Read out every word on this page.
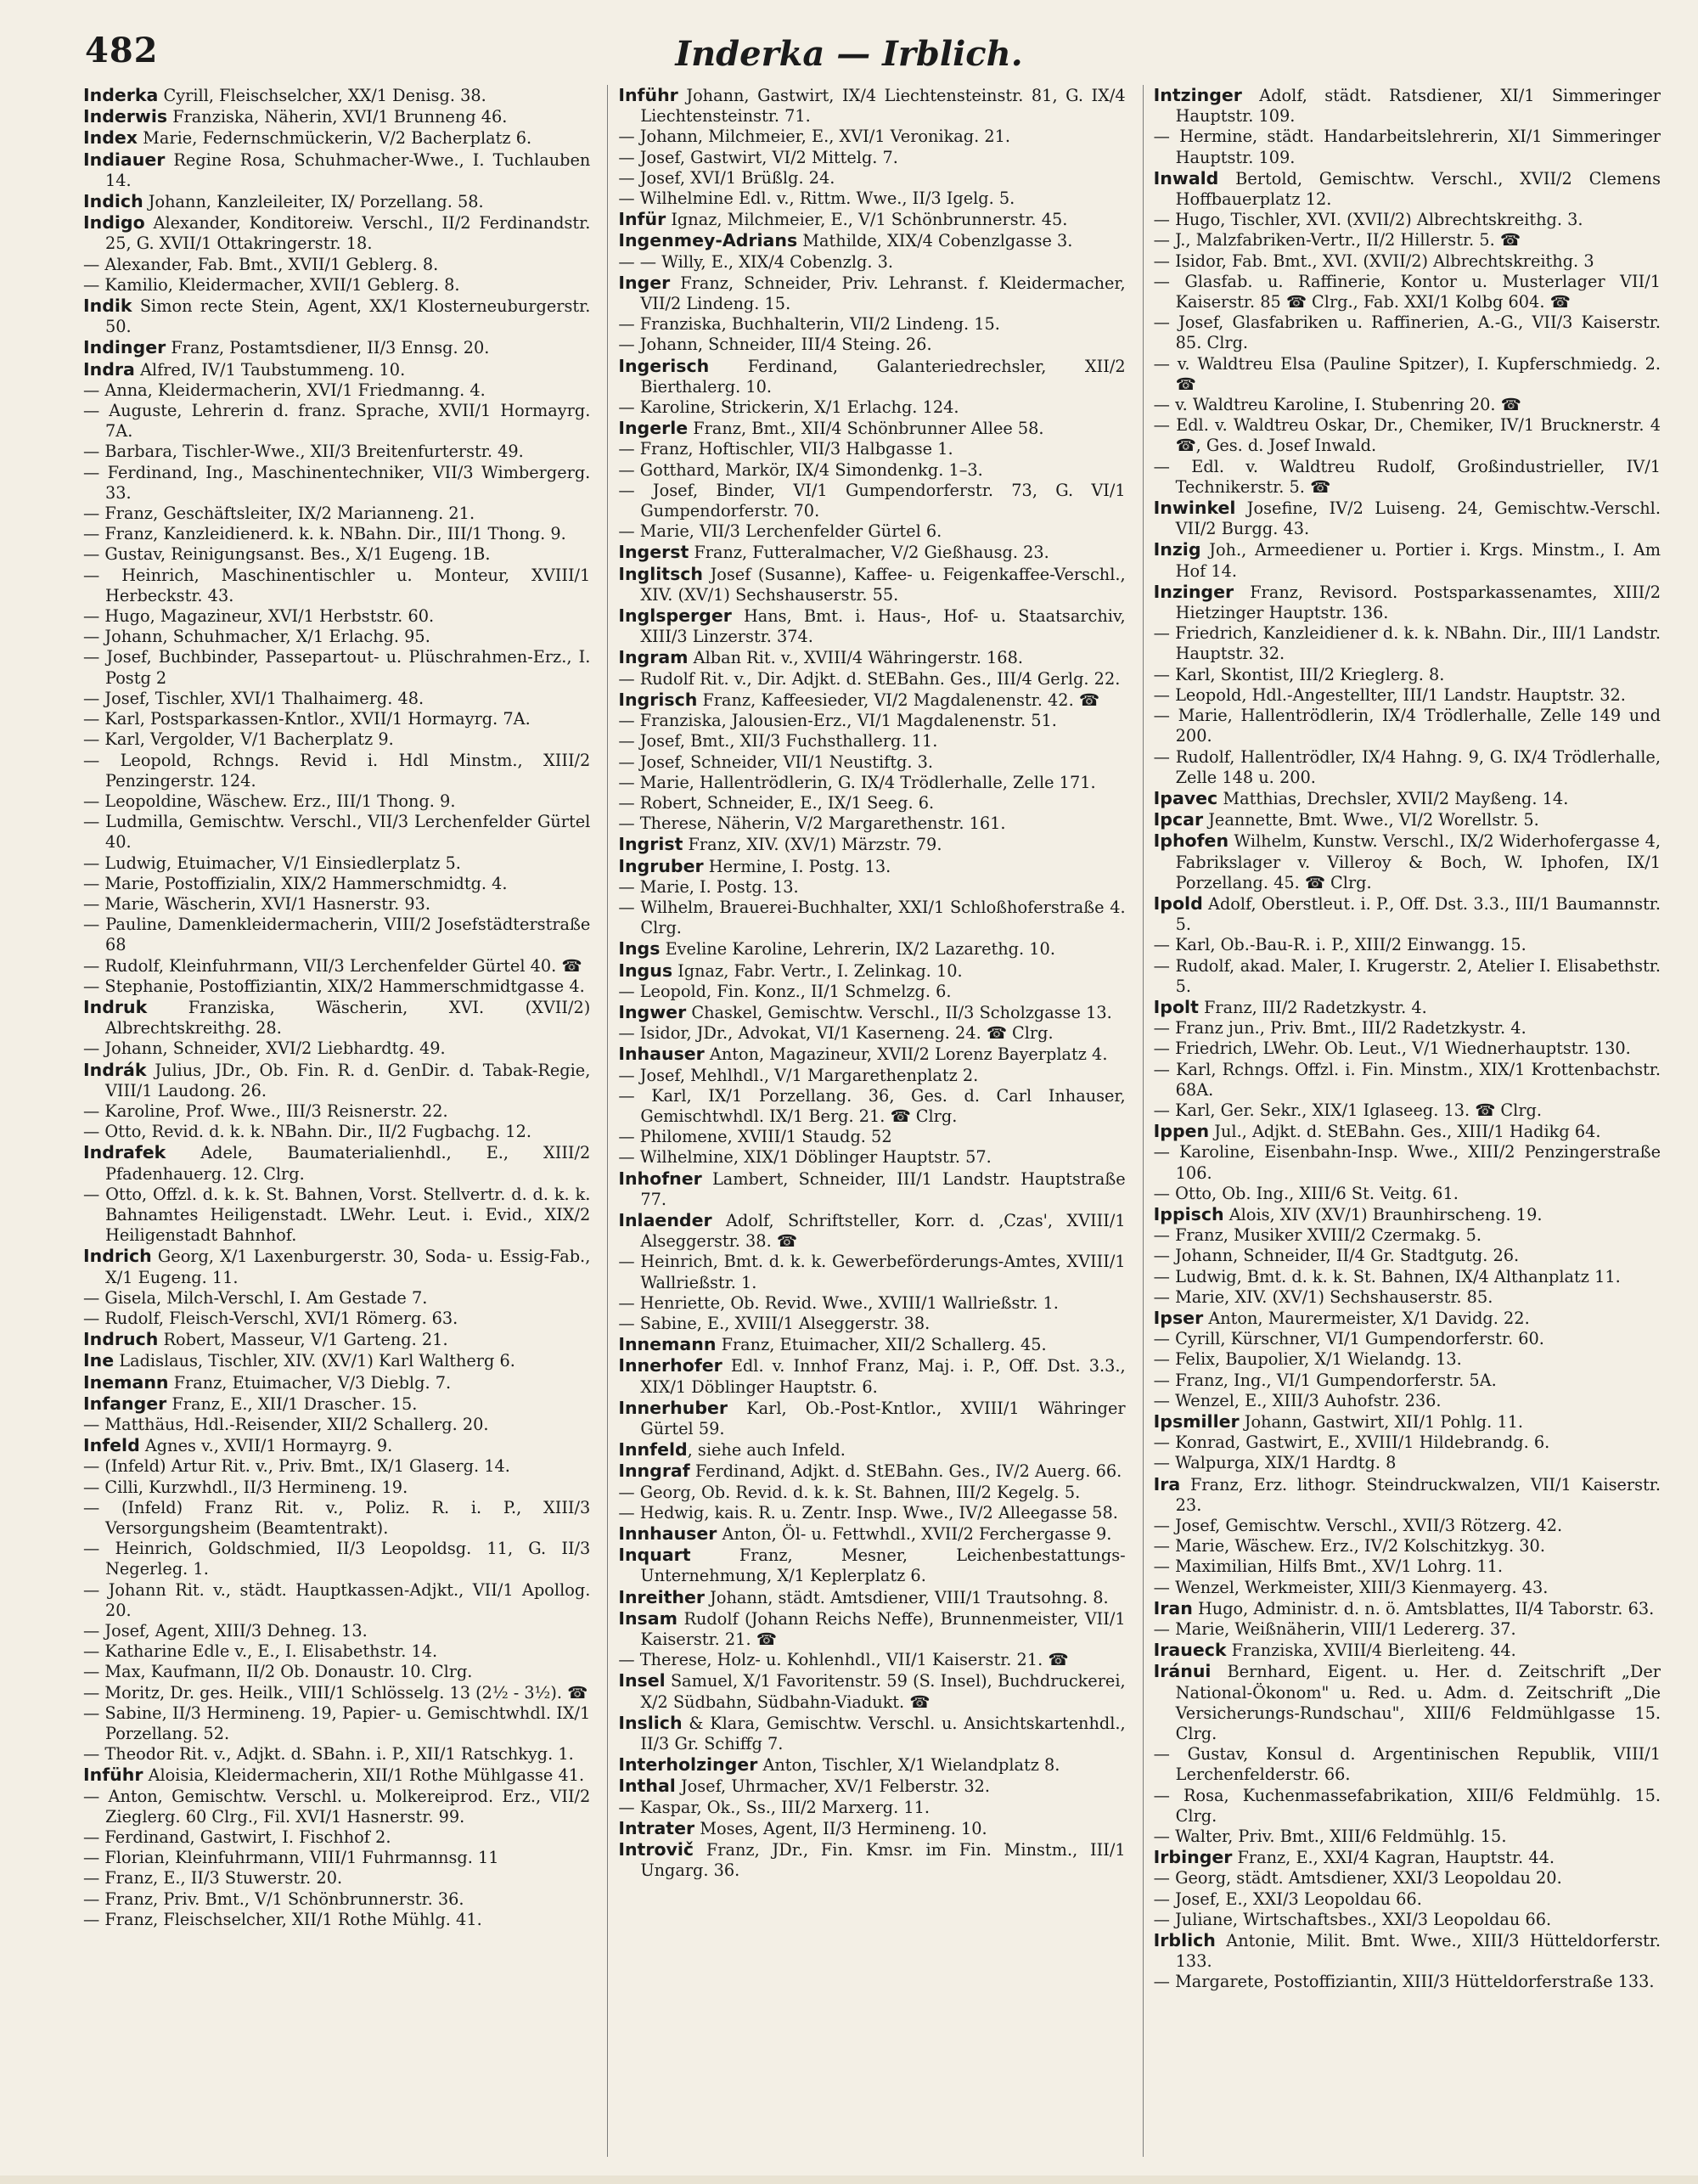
482	Inderka — Irblich.

Inderka Cyrill, Fleischselcher, XX/1 Denisg. 38.

Inderwis Franziska, Näherin, XVI/1 Brunneng 46.

Index Marie, Federnschmückerin, V/2 Bacherplatz 6.

Indiauer Regine Rosa, Schuhmacher-Wwe., I. Tuchlauben 14.

Indich Johann, Kanzleileiter, IX/ Porzellang. 58.

Indigo Alexander, Konditoreiw. Verschl., II/2 Ferdinandstr. 25, G. XVII/1 Ottakringerstr. 18.

— Alexander, Fab. Bmt., XVII/1 Geblerg. 8.

— Kamilio, Kleidermacher, XVII/1 Geblerg. 8.

Indik Simon recte Stein, Agent, XX/1 Klosterneuburgerstr. 50.

Indinger Franz, Postamtsdiener, II/3 Ennsg. 20.

Indra Alfred, IV/1 Taubstummeng. 10.

— Anna, Kleidermacherin, XVI/1 Friedmanng. 4.

— Auguste, Lehrerin d. franz. Sprache, XVII/1 Hormayrg. 7A.

— Barbara, Tischler-Wwe., XII/3 Breitenfurterstr. 49.

— Ferdinand, Ing., Maschinentechniker, VII/3 Wimbergerg. 33.

— Franz, Geschäftsleiter, IX/2 Marianneng. 21.

— Franz, Kanzleidienerd. k. k. NBahn. Dir., III/1 Thong. 9.

— Gustav, Reinigungsanst. Bes., X/1 Eugeng. 1B.

— Heinrich, Maschinentischler u. Monteur, XVIII/1 Herbeckstr. 43.

— Hugo, Magazineur, XVI/1 Herbststr. 60.

— Johann, Schuhmacher, X/1 Erlachg. 95.

— Josef, Buchbinder, Passepartout- u. Plüschrahmen-Erz., I. Postg 2

— Josef, Tischler, XVI/1 Thalhaimerg. 48.

— Karl, Postsparkassen-Kntlor., XVII/1 Hormayrg. 7A.

— Karl, Vergolder, V/1 Bacherplatz 9.

— Leopold, Rchngs. Revid i. Hdl Minstm., XIII/2 Penzingerstr. 124.

— Leopoldine, Wäschew. Erz., III/1 Thong. 9.

— Ludmilla, Gemischtw. Verschl., VII/3 Lerchenfelder Gürtel 40.

— Ludwig, Etuimacher, V/1 Einsiedlerplatz 5.

— Marie, Postoffizialin, XIX/2 Hammerschmidtg. 4.

— Marie, Wäscherin, XVI/1 Hasnerstr. 93.

— Pauline, Damenkleidermacherin, VIII/2 Josefstädterstraße 68

— Rudolf, Kleinfuhrmann, VII/3 Lerchenfelder Gürtel 40. ☎

— Stephanie, Postoffiziantin, XIX/2 Hammerschmidtgasse 4.

Indruk Franziska, Wäscherin, XVI. (XVII/2) Albrechtskreithg. 28.

— Johann, Schneider, XVI/2 Liebhardtg. 49.

Indrák Julius, JDr., Ob. Fin. R. d. GenDir. d. Tabak-Regie, VIII/1 Laudong. 26.

— Karoline, Prof. Wwe., III/3 Reisnerstr. 22.

— Otto, Revid. d. k. k. NBahn. Dir., II/2 Fugbachg. 12.

Indrafek Adele, Baumaterialienhdl., E., XIII/2 Pfadenhauerg. 12. Clrg.

— Otto, Offzl. d. k. k. St. Bahnen, Vorst. Stellvertr. d. d. k. k. Bahnamtes Heiligenstadt. LWehr. Leut. i. Evid., XIX/2 Heiligenstadt Bahnhof.

Indrich Georg, X/1 Laxenburgerstr. 30, Soda- u. Essig-Fab., X/1 Eugeng. 11.

— Gisela, Milch-Verschl, I. Am Gestade 7.

— Rudolf, Fleisch-Verschl, XVI/1 Römerg. 63.

Indruch Robert, Masseur, V/1 Garteng. 21.

Ine Ladislaus, Tischler, XIV. (XV/1) Karl Waltherg 6.

Inemann Franz, Etuimacher, V/3 Dieblg. 7.

Infanger Franz, E., XII/1 Draschег. 15.

— Matthäus, Hdl.-Reisender, XII/2 Schallerg. 20.

Infeld Agnes v., XVII/1 Hormayrg. 9.

— (Infeld) Artur Rit. v., Priv. Bmt., IX/1 Glaserg. 14.

— Cilli, Kurzwhdl., II/3 Hermineng. 19.

— (Infeld) Franz Rit. v., Poliz. R. i. P., XIII/3 Versorgungsheim (Beamtentrakt).

— Heinrich, Goldschmied, II/3 Leopoldsg. 11, G. II/3 Negerleg. 1.

— Johann Rit. v., städt. Hauptkassen-Adjkt., VII/1 Apollog. 20.

— Josef, Agent, XIII/3 Dehneg. 13.

— Katharine Edle v., E., I. Elisabethstr. 14.

— Max, Kaufmann, II/2 Ob. Donaustr. 10. Clrg.

— Moritz, Dr. ges. Heilk., VIII/1 Schlösselg. 13 (2½ - 3½). ☎

— Sabine, II/3 Hermineng. 19, Papier- u. Gemischtwhdl. IX/1 Porzellang. 52.

— Theodor Rit. v., Adjkt. d. SBahn. i. P., XII/1 Ratschkyg. 1.

Inführ Aloisia, Kleidermacherin, XII/1 Rothe Mühlgasse 41.

— Anton, Gemischtw. Verschl. u. Molkereiprod. Erz., VII/2 Zieglerg. 60 Clrg., Fil. XVI/1 Hasnerstr. 99.

— Ferdinand, Gastwirt, I. Fischhof 2.

— Florian, Kleinfuhrmann, VIII/1 Fuhrmannsg. 11

— Franz, E., II/3 Stuwerstr. 20.

— Franz, Priv. Bmt., V/1 Schönbrunnerstr. 36.

— Franz, Fleischselcher, XII/1 Rothe Mühlg. 41.

Inführ Johann, Gastwirt, IX/4 Liechtensteinstr. 81, G. IX/4 Liechtensteinstr. 71.

— Johann, Milchmeier, E., XVI/1 Veronikag. 21.

— Josef, Gastwirt, VI/2 Mittelg. 7.

— Josef, XVI/1 Brüßlg. 24.

— Wilhelmine Edl. v., Rittm. Wwe., II/3 Igelg. 5.

Infür Ignaz, Milchmeier, E., V/1 Schönbrunnerstr. 45.

Ingenmey-Adrians Mathilde, XIX/4 Cobenzlgasse 3.

— — Willy, E., XIX/4 Cobenzlg. 3.

Inger Franz, Schneider, Priv. Lehranst. f. Kleidermacher, VII/2 Lindeng. 15.

— Franziska, Buchhalterin, VII/2 Lindeng. 15.

— Johann, Schneider, III/4 Steing. 26.

Ingerisch Ferdinand, Galanteriedrechsler, XII/2 Bierthalerg. 10.

— Karoline, Strickerin, X/1 Erlachg. 124.

Ingerle Franz, Bmt., XII/4 Schönbrunner Allee 58.

— Franz, Hoftischler, VII/3 Halbgasse 1.

— Gotthard, Markör, IX/4 Simondenkg. 1–3.

— Josef, Binder, VI/1 Gumpendorferstr. 73, G. VI/1 Gumpendorferstr. 70.

— Marie, VII/3 Lerchenfelder Gürtel 6.

Ingerst Franz, Futteralmacher, V/2 Gießhausg. 23.

Inglitsch Josef (Susanne), Kaffee- u. Feigenkaffee-Verschl., XIV. (XV/1) Sechshauserstr. 55.

Inglsperger Hans, Bmt. i. Haus-, Hof- u. Staatsarchiv, XIII/3 Linzerstr. 374.

Ingram Alban Rit. v., XVIII/4 Währingerstr. 168.

— Rudolf Rit. v., Dir. Adjkt. d. StEBahn. Ges., III/4 Gerlg. 22.

Ingrisch Franz, Kaffeesieder, VI/2 Magdalenenstr. 42. ☎

— Franziska, Jalousien-Erz., VI/1 Magdalenenstr. 51.

— Josef, Bmt., XII/3 Fuchsthallerg. 11.

— Josef, Schneider, VII/1 Neustiftg. 3.

— Marie, Hallentrödlerin, G. IX/4 Trödlerhalle, Zelle 171.

— Robert, Schneider, E., IX/1 Seeg. 6.

— Therese, Näherin, V/2 Margarethenstr. 161.

Ingrist Franz, XIV. (XV/1) Märzstr. 79.

Ingruber Hermine, I. Postg. 13.

— Marie, I. Postg. 13.

— Wilhelm, Brauerei-Buchhalter, XXI/1 Schloßhoferstraße 4. Clrg.

Ings Eveline Karoline, Lehrerin, IX/2 Lazarethg. 10.

Ingus Ignaz, Fabr. Vertr., I. Zelinkag. 10.

— Leopold, Fin. Konz., II/1 Schmelzg. 6.

Ingwer Chaskel, Gemischtw. Verschl., II/3 Scholzgasse 13.

— Isidor, JDr., Advokat, VI/1 Kaserneng. 24. ☎ Clrg.

Inhauser Anton, Magazineur, XVII/2 Lorenz Bayerplatz 4.

— Josef, Mehlhdl., V/1 Margarethenplatz 2.

— Karl, IX/1 Porzellang. 36, Ges. d. Carl Inhauser, Gemischtwhdl. IX/1 Berg. 21. ☎ Clrg.

— Philomene, XVIII/1 Staudg. 52

— Wilhelmine, XIX/1 Döblinger Hauptstr. 57.

Inhofner Lambert, Schneider, III/1 Landstr. Hauptstraße 77.

Inlaender Adolf, Schriftsteller, Korr. d. ‚Czas', XVIII/1 Alseggerstr. 38. ☎

— Heinrich, Bmt. d. k. k. Gewerbeförderungs-Amtes, XVIII/1 Wallrießstr. 1.

— Henriette, Ob. Revid. Wwe., XVIII/1 Wallrießstr. 1.

— Sabine, E., XVIII/1 Alseggerstr. 38.

Innemann Franz, Etuimacher, XII/2 Schallerg. 45.

Innerhofer Edl. v. Innhof Franz, Maj. i. P., Off. Dst. 3.3., XIX/1 Döblinger Hauptstr. 6.

Innerhuber Karl, Ob.-Post-Kntlor., XVIII/1 Währinger Gürtel 59.

Innfeld, siehe auch Infeld.

Inngraf Ferdinand, Adjkt. d. StEBahn. Ges., IV/2 Auerg. 66.

— Georg, Ob. Revid. d. k. k. St. Bahnen, III/2 Kegelg. 5.

— Hedwig, kais. R. u. Zentr. Insp. Wwe., IV/2 Alleegasse 58.

Innhauser Anton, Öl- u. Fettwhdl., XVII/2 Ferchergasse 9.

Inquart Franz, Mesner, Leichenbestattungs-Unternehmung, X/1 Keplerplatz 6.

Inreither Johann, städt. Amtsdiener, VIII/1 Trautsohng. 8.

Insam Rudolf (Johann Reichs Neffe), Brunnenmeister, VII/1 Kaiserstr. 21. ☎

— Therese, Holz- u. Kohlenhdl., VII/1 Kaiserstr. 21. ☎

Insel Samuel, X/1 Favoritenstr. 59 (S. Insel), Buchdruckerei, X/2 Südbahn, Südbahn-Viadukt. ☎

Inslich & Klara, Gemischtw. Verschl. u. Ansichtskartenhdl., II/3 Gr. Schiffg 7.

Interholzinger Anton, Tischler, X/1 Wielandplatz 8.

Inthal Josef, Uhrmacher, XV/1 Felberstr. 32.

— Kaspar, Ok., Ss., III/2 Marxerg. 11.

Intrater Moses, Agent, II/3 Hermineng. 10.

Introvič Franz, JDr., Fin. Kmsr. im Fin. Minstm., III/1 Ungarg. 36.

Intzinger Adolf, städt. Ratsdiener, XI/1 Simmeringer Hauptstr. 109.

— Hermine, städt. Handarbeitslehrerin, XI/1 Simmeringer Hauptstr. 109.

Inwald Bertold, Gemischtw. Verschl., XVII/2 Clemens Hoffbauerplatz 12.

— Hugo, Tischler, XVI. (XVII/2) Albrechtskreithg. 3.

— J., Malzfabriken-Vertr., II/2 Hillerstr. 5. ☎

— Isidor, Fab. Bmt., XVI. (XVII/2) Albrechtskreithg. 3

— Glasfab. u. Raffinerie, Kontor u. Musterlager VII/1 Kaiserstr. 85 ☎ Clrg., Fab. XXI/1 Kolbg 604. ☎

— Josef, Glasfabriken u. Raffinerien, A.-G., VII/3 Kaiserstr. 85. Clrg.

— v. Waldtreu Elsa (Pauline Spitzer), I. Kupferschmiedg. 2. ☎

— v. Waldtreu Karoline, I. Stubenring 20. ☎

— Edl. v. Waldtreu Oskar, Dr., Chemiker, IV/1 Brucknerstr. 4 ☎, Ges. d. Josef Inwald.

— Edl. v. Waldtreu Rudolf, Großindustrieller, IV/1 Technikerstr. 5. ☎

Inwinkel Josefine, IV/2 Luiseng. 24, Gemischtw.-Verschl. VII/2 Burgg. 43.

Inzig Joh., Armeediener u. Portier i. Krgs. Minstm., I. Am Hof 14.

Inzinger Franz, Revisord. Postsparkassenamtes, XIII/2 Hietzinger Hauptstr. 136.

— Friedrich, Kanzleidiener d. k. k. NBahn. Dir., III/1 Landstr. Hauptstr. 32.

— Karl, Skontist, III/2 Krieglerg. 8.

— Leopold, Hdl.-Angestellter, III/1 Landstr. Hauptstr. 32.

— Marie, Hallentrödlerin, IX/4 Trödlerhalle, Zelle 149 und 200.

— Rudolf, Hallentrödler, IX/4 Hahng. 9, G. IX/4 Trödlerhalle, Zelle 148 u. 200.

Ipavec Matthias, Drechsler, XVII/2 Mayßeng. 14.

Ipcar Jeannette, Bmt. Wwe., VI/2 Worellstr. 5.

Iphofen Wilhelm, Kunstw. Verschl., IX/2 Widerhofergasse 4, Fabrikslager v. Villeroy & Boch, W. Iphofen, IX/1 Porzellang. 45. ☎ Clrg.

Ipold Adolf, Oberstleut. i. P., Off. Dst. 3.3., III/1 Baumannstr. 5.

— Karl, Ob.-Bau-R. i. P., XIII/2 Einwangg. 15.

— Rudolf, akad. Maler, I. Krugerstr. 2, Atelier I. Elisabethstr. 5.

Ipolt Franz, III/2 Radetzkystr. 4.

— Franz jun., Priv. Bmt., III/2 Radetzkystr. 4.

— Friedrich, LWehr. Ob. Leut., V/1 Wiednerhauptstr. 130.

— Karl, Rchngs. Offzl. i. Fin. Minstm., XIX/1 Krottenbachstr. 68A.

— Karl, Ger. Sekr., XIX/1 Iglaseeg. 13. ☎ Clrg.

Ippen Jul., Adjkt. d. StEBahn. Ges., XIII/1 Hadikg 64.

— Karoline, Eisenbahn-Insp. Wwe., XIII/2 Penzingerstraße 106.

— Otto, Ob. Ing., XIII/6 St. Veitg. 61.

Ippisch Alois, XIV (XV/1) Braunhirscheng. 19.

— Franz, Musiker XVIII/2 Czermakg. 5.

— Johann, Schneider, II/4 Gr. Stadtgutg. 26.

— Ludwig, Bmt. d. k. k. St. Bahnen, IX/4 Althanplatz 11.

— Marie, XIV. (XV/1) Sechshauserstr. 85.

Ipser Anton, Maurermeister, X/1 Davidg. 22.

— Cyrill, Kürschner, VI/1 Gumpendorferstr. 60.

— Felix, Baupolier, X/1 Wielandg. 13.

— Franz, Ing., VI/1 Gumpendorferstr. 5A.

— Wenzel, E., XIII/3 Auhofstr. 236.

Ipsmiller Johann, Gastwirt, XII/1 Pohlg. 11.

— Konrad, Gastwirt, E., XVIII/1 Hildebrandg. 6.

— Walpurga, XIX/1 Hardtg. 8

Ira Franz, Erz. lithogr. Steindruckwalzen, VII/1 Kaiserstr. 23.

— Josef, Gemischtw. Verschl., XVII/3 Rötzerg. 42.

— Marie, Wäschew. Erz., IV/2 Kolschitzkyg. 30.

— Maximilian, Hilfs Bmt., XV/1 Lohrg. 11.

— Wenzel, Werkmeister, XIII/3 Kienmayerg. 43.

Iran Hugo, Administr. d. n. ö. Amtsblattes, II/4 Taborstr. 63.

— Marie, Weißnäherin, VIII/1 Ledererg. 37.

Iraueck Franziska, XVIII/4 Bierleiteng. 44.

Iránui Bernhard, Eigent. u. Her. d. Zeitschrift „Der National-Ökonom" u. Red. u. Adm. d. Zeitschrift „Die Versicherungs-Rundschau", XIII/6 Feldmühlgasse 15. Clrg.

— Gustav, Konsul d. Argentinischen Republik, VIII/1 Lerchenfelderstr. 66.

— Rosa, Kuchenmassefabrikation, XIII/6 Feldmühlg. 15. Clrg.

— Walter, Priv. Bmt., XIII/6 Feldmühlg. 15.

Irbinger Franz, E., XXI/4 Kagran, Hauptstr. 44.

— Georg, städt. Amtsdiener, XXI/3 Leopoldau 20.

— Josef, E., XXI/3 Leopoldau 66.

— Juliane, Wirtschaftsbes., XXI/3 Leopoldau 66.

Irblich Antonie, Milit. Bmt. Wwe., XIII/3 Hütteldorferstr. 133.

— Margarete, Postoffiziantin, XIII/3 Hütteldorferstraße 133.
